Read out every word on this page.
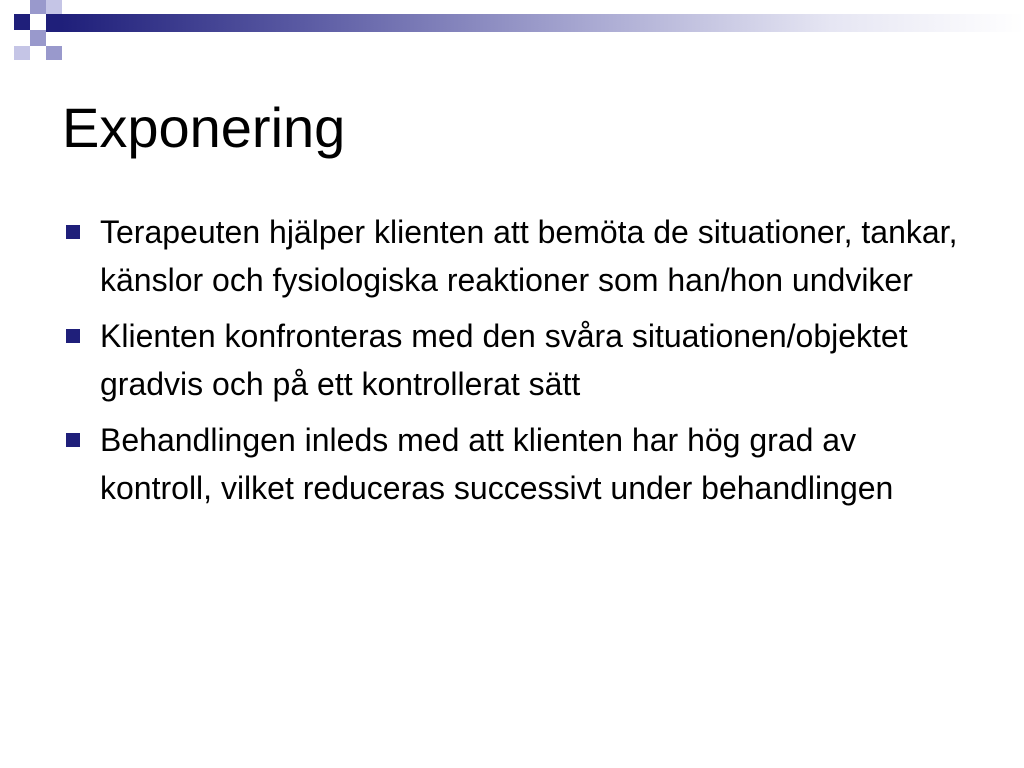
Exponering
Terapeuten hjälper klienten att bemöta de situationer, tankar, känslor och fysiologiska reaktioner som han/hon undviker
Klienten konfronteras med den svåra situationen/objektet gradvis och på ett kontrollerat sätt
Behandlingen inleds med att klienten har hög grad av kontroll, vilket reduceras successivt under behandlingen
